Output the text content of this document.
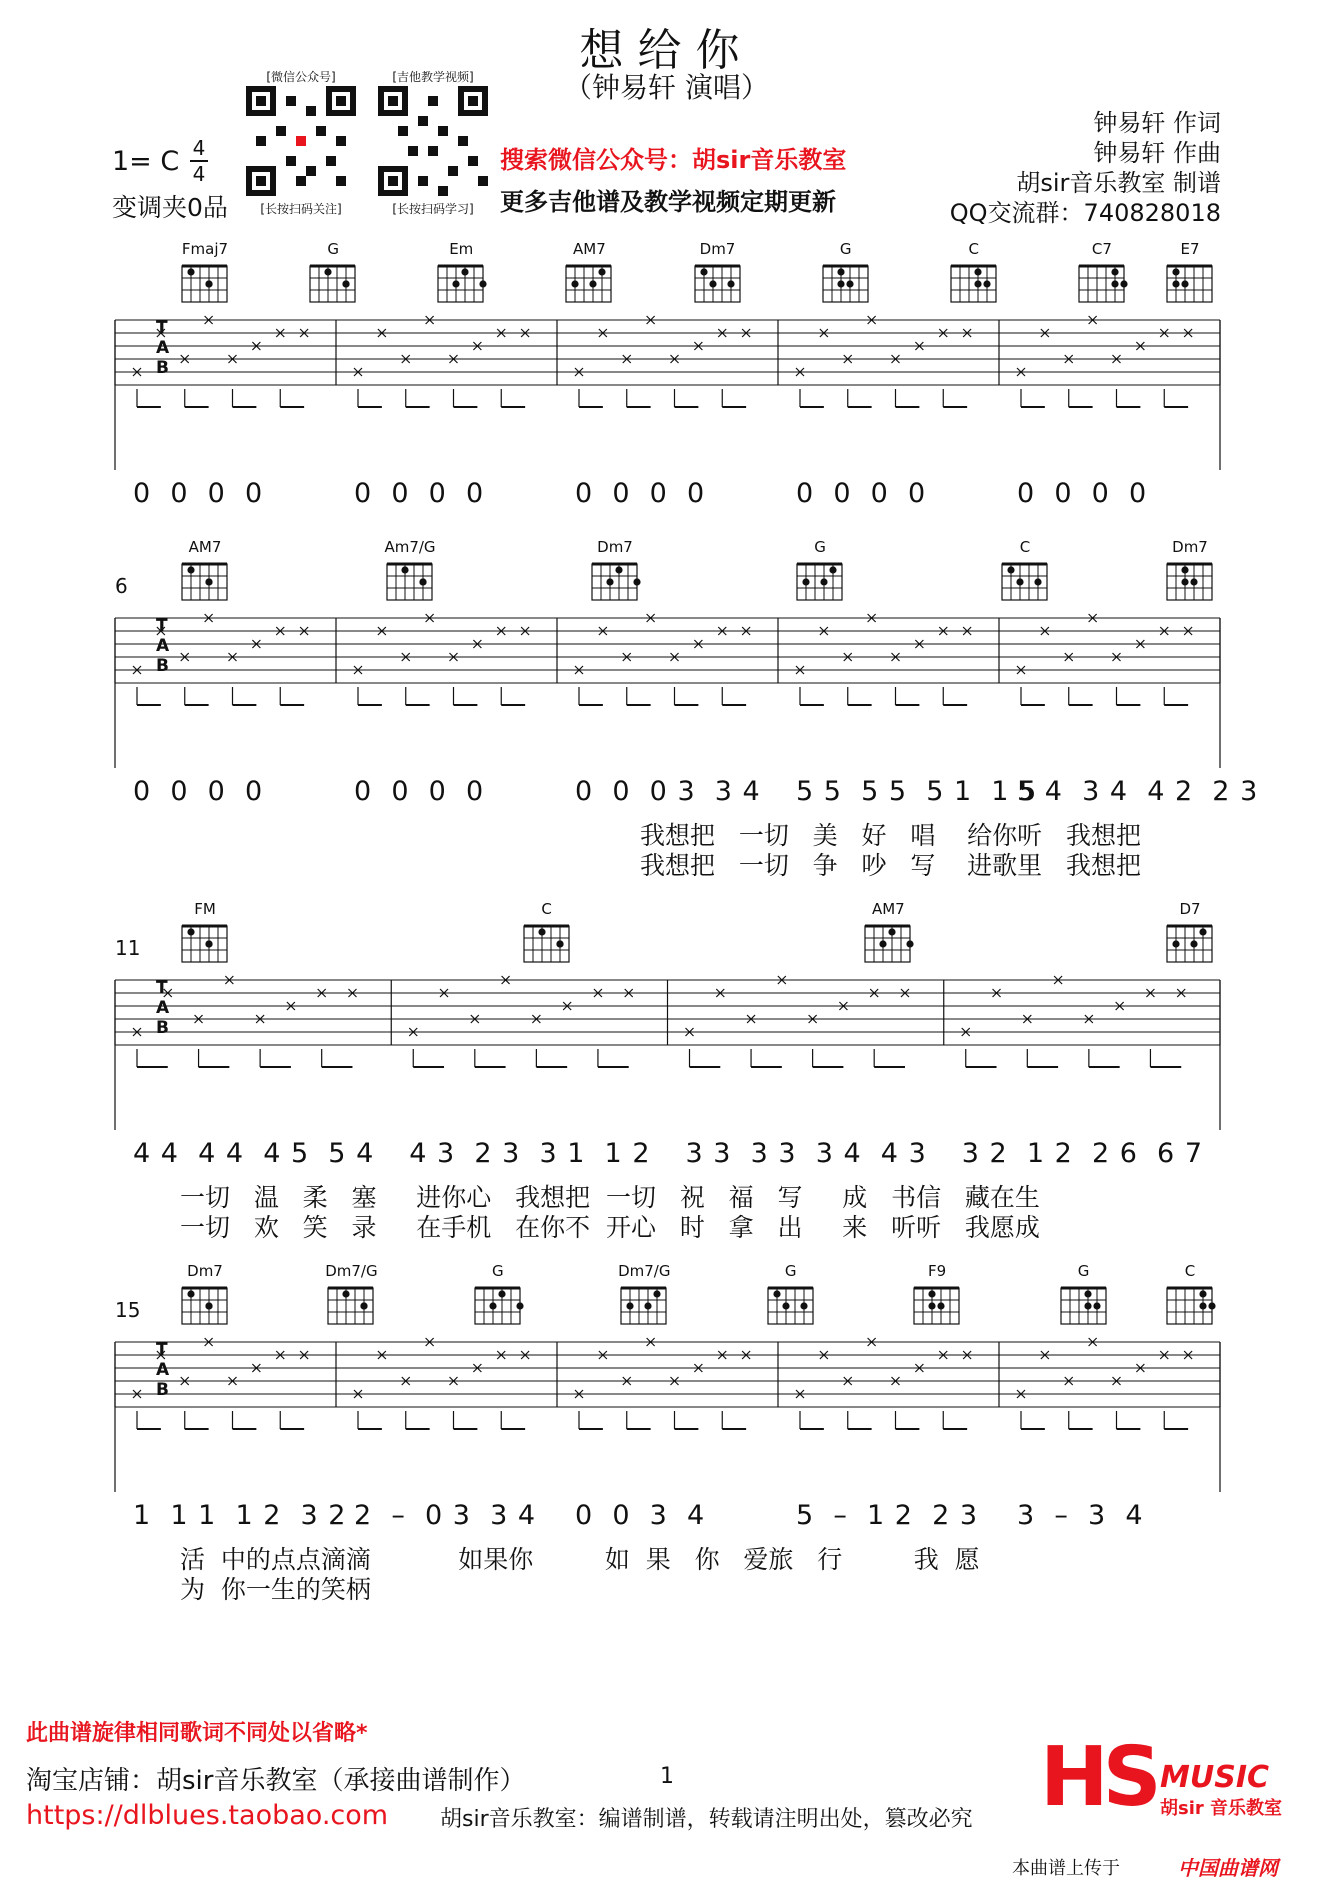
想给你
（钟易轩 演唱）
1= C 4
4
变调夹0品
[微信公众号]
[长按扫码关注]
[吉他教学视频]
[长按扫码学习]
搜索微信公众号：胡sir音乐教室
更多吉他谱及教学视频定期更新
钟易轩 作词
钟易轩 作曲
胡sir音乐教室 制谱
QQ交流群：740828018
Fmaj7	G	Em	AM7	Dm7	G	C	C7	E7
T
A
B
0  0  0  0	0  0  0  0	0  0  0  0	0  0  0  0	0  0  0  0
6
AM7	Am7/G	Dm7	G	C	Dm7
T
A
B
0  0  0  0	0  0  0  0	0  0  0 3  3 4 5 5  5 5  5 1  1 5
5 4  3 4  4 2  2 3
我想把   一切   美   好   唱    给你听   我想把
我想把   一切   争   吵   写    进歌里   我想把
11
FM	C	AM7	D7
T
A
B
4 4  4 4  4 5  5 4 4 3  2 3  3 1  1 2 3 3  3 3  3 4  4 3 3 2  1 2  2 6  6 7
一切   温   柔   塞     进你心   我想把  一切   祝   福   写     成   书信   藏在生
一切   欢   笑   录     在手机   在你不  开心   时   拿   出     来   听听   我愿成
15
Dm7	Dm7/G	G	Dm7/G	G	F9	G	C
T
A
B
1  1 1  1 2  3 2 2  –  0 3  3 4 0  0  3  4	5  –  1 2  2 3 3  –  3  4
活  中的点点滴滴           如果你         如  果   你   爱旅   行         我  愿
为  你一生的笑柄
此曲谱旋律相同歌词不同处以省略*
淘宝店铺：胡sir音乐教室（承接曲谱制作）
https://dlblues.taobao.com
1
胡sir音乐教室：编谱制谱，转载请注明出处，篡改必究
本曲谱上传于
HS MUSIC
胡sir 音乐教室
中国曲谱网
